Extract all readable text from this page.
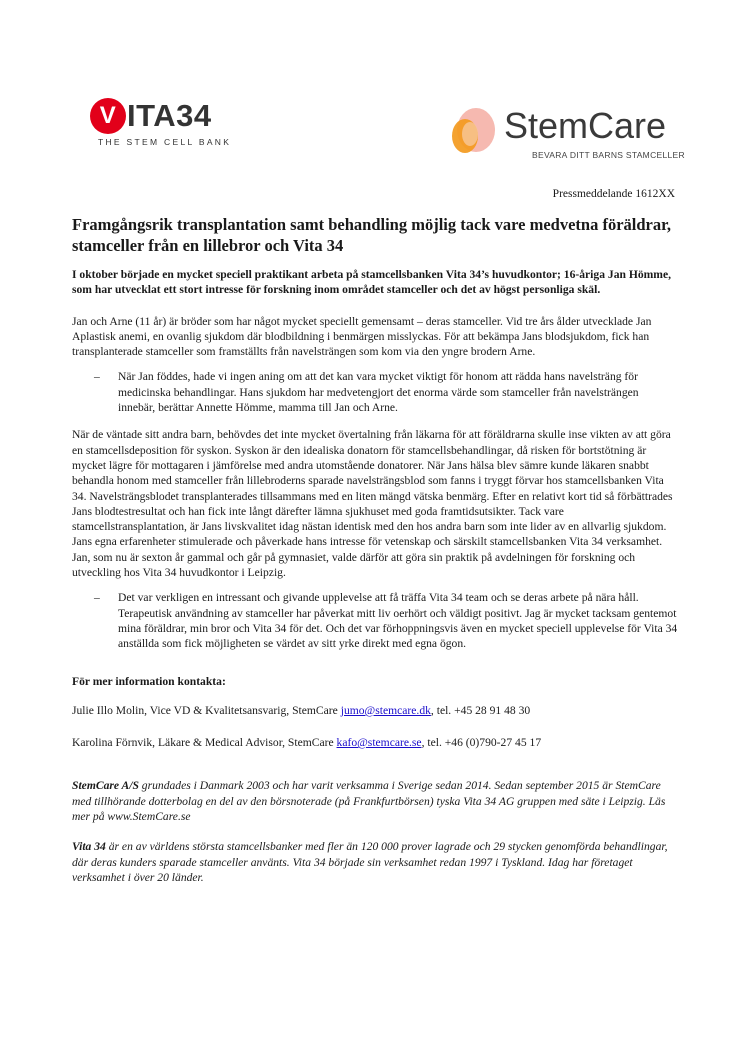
V ITA34
THE STEM CELL BANK	StemCare
BEVARA DITT BARNS STAMCELLER
Pressmeddelande 1612XX
Framgångsrik transplantation samt behandling möjlig tack vare medvetna föräldrar, stamceller från en lillebror och Vita 34

I oktober började en mycket speciell praktikant arbeta på stamcellsbanken Vita 34’s huvudkontor; 16-åriga Jan Hömme, som har utvecklat ett stort intresse för forskning inom området stamceller och det av högst personliga skäl.

Jan och Arne (11 år) är bröder som har något mycket speciellt gemensamt – deras stamceller. Vid tre års ålder utvecklade Jan Aplastisk anemi, en ovanlig sjukdom där blodbildning i benmärgen misslyckas. För att bekämpa Jans blodsjukdom, fick han transplanterade stamceller som framställts från navelsträngen som kom via den yngre brodern Arne.

– När Jan föddes, hade vi ingen aning om att det kan vara mycket viktigt för honom att rädda hans navelsträng för medicinska behandlingar. Hans sjukdom har medvetengjort det enorma värde som stamceller från navelsträngen innebär, berättar Annette Hömme, mamma till Jan och Arne.

När de väntade sitt andra barn, behövdes det inte mycket övertalning från läkarna för att föräldrarna skulle inse vikten av att göra en stamcellsdeposition för syskon. Syskon är den idealiska donatorn för stamcellsbehandlingar, då risken för bortstötning är mycket lägre för mottagaren i jämförelse med andra utomstående donatorer. När Jans hälsa blev sämre kunde läkaren snabbt behandla honom med stamceller från lillebroderns sparade navelsträngsblod som fanns i tryggt förvar hos stamcellsbanken Vita 34. Navelsträngsblodet transplanterades tillsammans med en liten mängd vätska benmärg. Efter en relativt kort tid så förbättrades Jans blodtestresultat och han fick inte långt därefter lämna sjukhuset med goda framtidsutsikter. Tack vare stamcellstransplantation, är Jans livskvalitet idag nästan identisk med den hos andra barn som inte lider av en allvarlig sjukdom. Jans egna erfarenheter stimulerade och påverkade hans intresse för vetenskap och särskilt stamcellsbanken Vita 34 verksamhet. Jan, som nu är sexton år gammal och går på gymnasiet, valde därför att göra sin praktik på avdelningen för forskning och utveckling hos Vita 34 huvudkontor i Leipzig.

– Det var verkligen en intressant och givande upplevelse att få träffa Vita 34 team och se deras arbete på nära håll. Terapeutisk användning av stamceller har påverkat mitt liv oerhört och väldigt positivt. Jag är mycket tacksam gentemot mina föräldrar, min bror och Vita 34 för det. Och det var förhoppningsvis även en mycket speciell upplevelse för Vita 34 anställda som fick möjligheten se värdet av sitt yrke direkt med egna ögon.

För mer information kontakta:

Julie Illo Molin, Vice VD & Kvalitetsansvarig, StemCare jumo@stemcare.dk, tel. +45 28 91 48 30

Karolina Förnvik, Läkare & Medical Advisor, StemCare kafo@stemcare.se, tel. +46 (0)790-27 45 17

StemCare A/S grundades i Danmark 2003 och har varit verksamma i Sverige sedan 2014. Sedan september 2015 är StemCare med tillhörande dotterbolag en del av den börsnoterade (på Frankfurtbörsen) tyska Vita 34 AG gruppen med säte i Leipzig. Läs mer på www.StemCare.se

Vita 34 är en av världens största stamcellsbanker med fler än 120 000 prover lagrade och 29 stycken genomförda behandlingar, där deras kunders sparade stamceller använts. Vita 34 började sin verksamhet redan 1997 i Tyskland. Idag har företaget verksamhet i över 20 länder.
